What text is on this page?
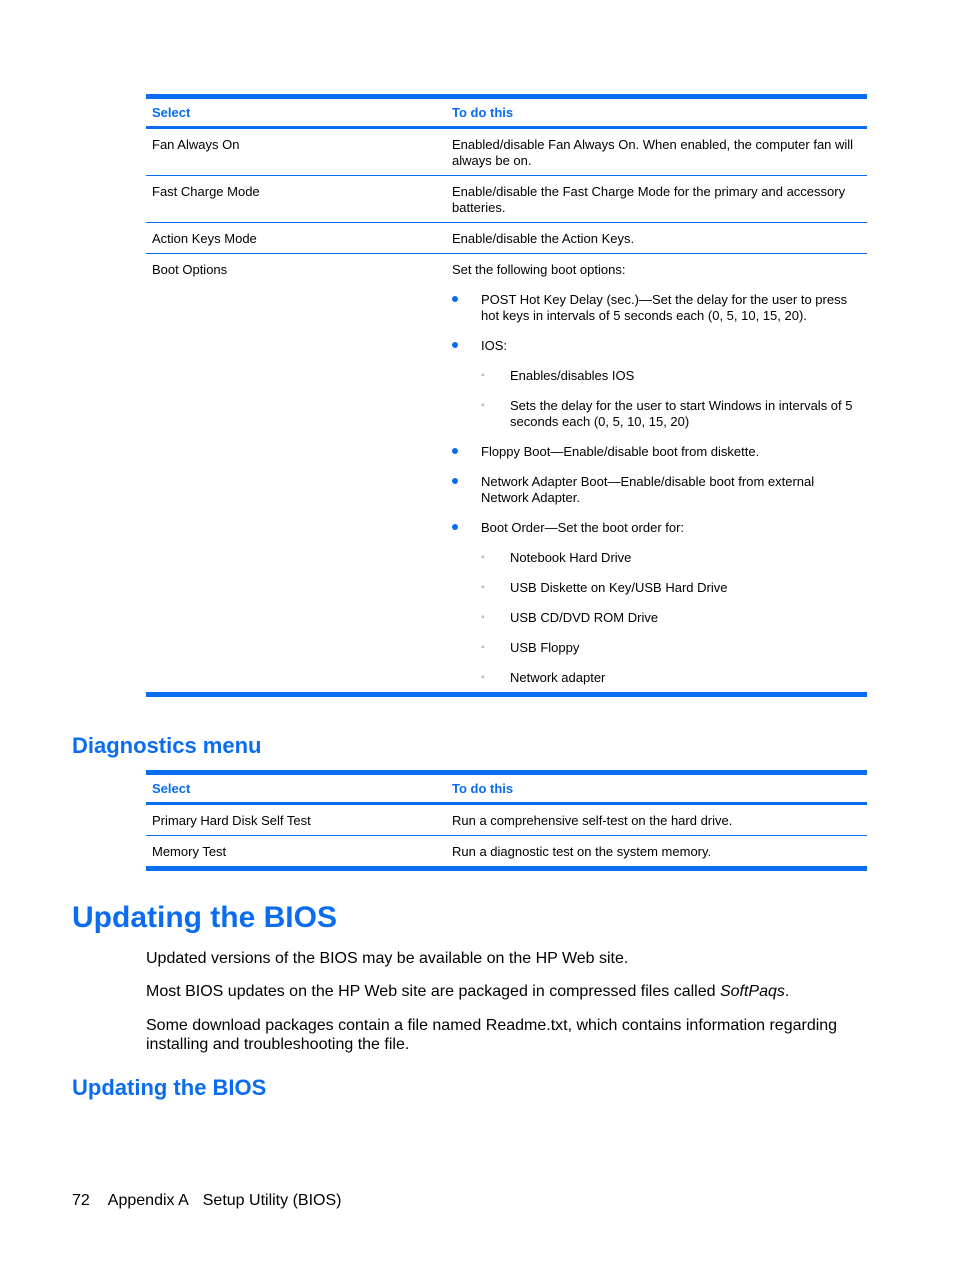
Select	To do this
Fan Always On	Enabled/disable Fan Always On. When enabled, the computer fan will always be on.
Fast Charge Mode	Enable/disable the Fast Charge Mode for the primary and accessory batteries.
Action Keys Mode	Enable/disable the Action Keys.
Boot Options	Set the following boot options:
POST Hot Key Delay (sec.)—Set the delay for the user to press hot keys in intervals of 5 seconds each (0, 5, 10, 15, 20).
IOS:
◦ Enables/disables IOS
◦ Sets the delay for the user to start Windows in intervals of 5 seconds each (0, 5, 10, 15, 20)
Floppy Boot—Enable/disable boot from diskette.
Network Adapter Boot—Enable/disable boot from external Network Adapter.
Boot Order—Set the boot order for:
◦ Notebook Hard Drive
◦ USB Diskette on Key/USB Hard Drive
◦ USB CD/DVD ROM Drive
◦ USB Floppy
◦ Network adapter
Diagnostics menu
Select	To do this
Primary Hard Disk Self Test	Run a comprehensive self-test on the hard drive.
Memory Test	Run a diagnostic test on the system memory.
Updating the BIOS
Updated versions of the BIOS may be available on the HP Web site.
Most BIOS updates on the HP Web site are packaged in compressed files called SoftPaqs.
Some download packages contain a file named Readme.txt, which contains information regarding installing and troubleshooting the file.
Updating the BIOS
72 Appendix A Setup Utility (BIOS)
